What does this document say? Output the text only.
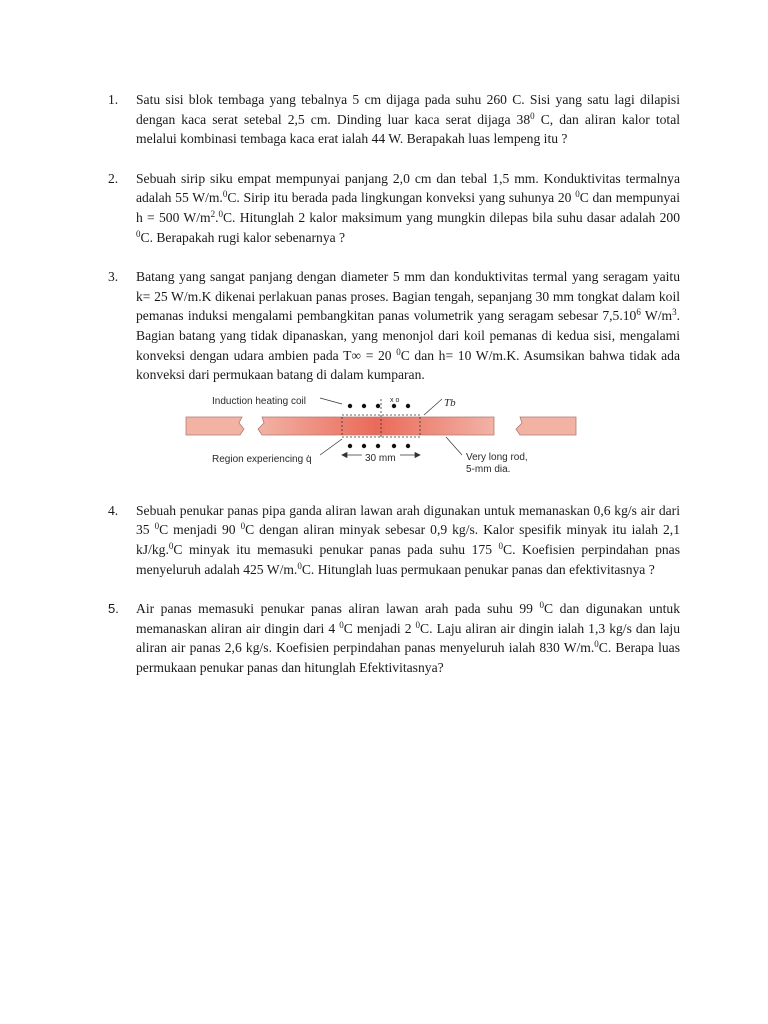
1. Satu sisi blok tembaga yang tebalnya 5 cm dijaga pada suhu 260 C. Sisi yang satu lagi dilapisi dengan kaca serat setebal 2,5 cm. Dinding luar kaca serat dijaga $38^0$ C, dan aliran kalor total melalui kombinasi tembaga kaca erat ialah 44 W. Berapakah luas lempeng itu ?
2. Sebuah sirip siku empat mempunyai panjang 2,0 cm dan tebal 1,5 mm. Konduktivitas termalnya adalah 55 W/m.$^0$C. Sirip itu berada pada lingkungan konveksi yang suhunya 20 $^0$C dan mempunyai h = 500 $W/m^2.^0C$. Hitunglah 2 kalor maksimum yang mungkin dilepas bila suhu dasar adalah 200 $^0$C. Berapakah rugi kalor sebenarnya ?
3. Batang yang sangat panjang dengan diameter 5 mm dan konduktivitas termal yang seragam yaitu k= 25 W/m.K dikenai perlakuan panas proses. Bagian tengah, sepanjang 30 mm tongkat dalam koil pemanas induksi mengalami pembangkitan panas volumetrik yang seragam sebesar 7,5.10$^6$ $W/m^3$. Bagian batang yang tidak dipanaskan, yang menonjol dari koil pemanas di kedua sisi, mengalami konveksi dengan udara ambien pada T∞ = 20 $^0$C dan h= 10 W/m.K. Asumsikan bahwa tidak ada konveksi dari permukaan batang di dalam kumparan.
Induction heating coil	x o	Tb
Region experiencing q̇	30 mm	Very long rod,
5-mm dia.
4. Sebuah penukar panas pipa ganda aliran lawan arah digunakan untuk memanaskan 0,6 kg/s air dari 35 $^0$C menjadi 90 $^0$C dengan aliran minyak sebesar 0,9 kg/s. Kalor spesifik minyak itu ialah 2,1 kJ/kg.$^0$C minyak itu memasuki penukar panas pada suhu 175 $^0$C. Koefisien perpindahan pnas menyeluruh adalah 425 W/m.$^0$C. Hitunglah luas permukaan penukar panas dan efektivitasnya ?
5. Air panas memasuki penukar panas aliran lawan arah pada suhu 99 $^0$C dan digunakan untuk memanaskan aliran air dingin dari 4 $^0$C menjadi 2 $^0$C. Laju aliran air dingin ialah 1,3 kg/s dan laju aliran air panas 2,6 kg/s. Koefisien perpindahan panas menyeluruh ialah 830 W/m.$^0$C. Berapa luas permukaan penukar panas dan hitunglah Efektivitasnya?
